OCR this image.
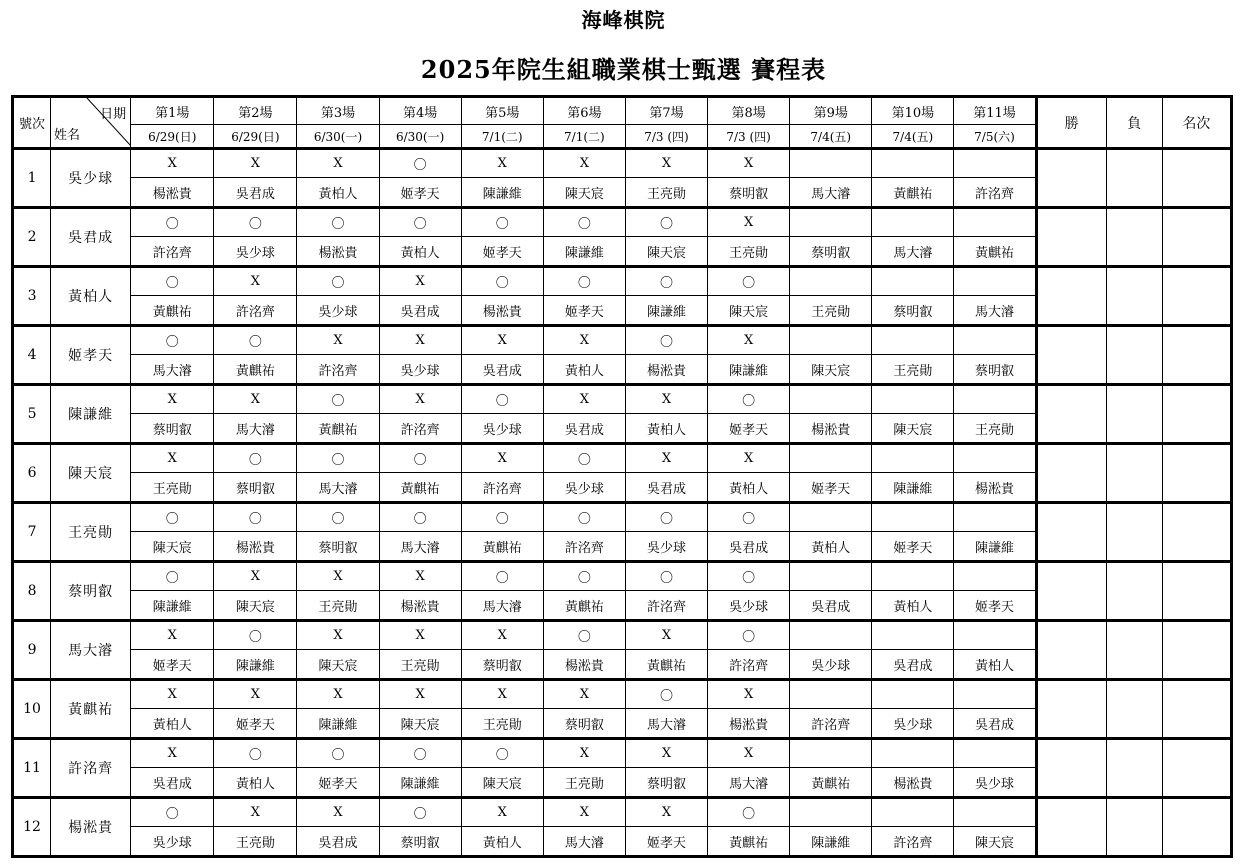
海峰棋院
2025年院生組職業棋士甄選 賽程表
號次	日期
姓名	第1場	第2場	第3場	第4場	第5場	第6場	第7場	第8場	第9場	第10場	第11場	勝	負	名次
		6/29(日)	6/29(日)	6/30(一)	6/30(一)	7/1(二)	7/1(二)	7/3 (四)	7/3 (四)	7/4(五)	7/4(五)	7/5(六)			
1	吳少球	X	X	X	〇	X	X	X	X						
		楊淞貴	吳君成	黃柏人	姬孝天	陳謙維	陳天宸	王亮勛	蔡明叡	馬大濬	黃麒祐	許洺齊			
2	吳君成	〇	〇	〇	〇	〇	〇	〇	X						
		許洺齊	吳少球	楊淞貴	黃柏人	姬孝天	陳謙維	陳天宸	王亮勛	蔡明叡	馬大濬	黃麒祐			
3	黃柏人	〇	X	〇	X	〇	〇	〇	〇						
		黃麒祐	許洺齊	吳少球	吳君成	楊淞貴	姬孝天	陳謙維	陳天宸	王亮勛	蔡明叡	馬大濬			
4	姬孝天	〇	〇	X	X	X	X	〇	X						
		馬大濬	黃麒祐	許洺齊	吳少球	吳君成	黃柏人	楊淞貴	陳謙維	陳天宸	王亮勛	蔡明叡			
5	陳謙維	X	X	〇	X	〇	X	X	〇						
		蔡明叡	馬大濬	黃麒祐	許洺齊	吳少球	吳君成	黃柏人	姬孝天	楊淞貴	陳天宸	王亮勛			
6	陳天宸	X	〇	〇	〇	X	〇	X	X						
		王亮勛	蔡明叡	馬大濬	黃麒祐	許洺齊	吳少球	吳君成	黃柏人	姬孝天	陳謙維	楊淞貴			
7	王亮勛	〇	〇	〇	〇	〇	〇	〇	〇						
		陳天宸	楊淞貴	蔡明叡	馬大濬	黃麒祐	許洺齊	吳少球	吳君成	黃柏人	姬孝天	陳謙維			
8	蔡明叡	〇	X	X	X	〇	〇	〇	〇						
		陳謙維	陳天宸	王亮勛	楊淞貴	馬大濬	黃麒祐	許洺齊	吳少球	吳君成	黃柏人	姬孝天			
9	馬大濬	X	〇	X	X	X	〇	X	〇						
		姬孝天	陳謙維	陳天宸	王亮勛	蔡明叡	楊淞貴	黃麒祐	許洺齊	吳少球	吳君成	黃柏人			
10	黃麒祐	X	X	X	X	X	X	〇	X						
		黃柏人	姬孝天	陳謙維	陳天宸	王亮勛	蔡明叡	馬大濬	楊淞貴	許洺齊	吳少球	吳君成			
11	許洺齊	X	〇	〇	〇	〇	X	X	X						
		吳君成	黃柏人	姬孝天	陳謙維	陳天宸	王亮勛	蔡明叡	馬大濬	黃麒祐	楊淞貴	吳少球			
12	楊淞貴	〇	X	X	〇	X	X	X	〇						
		吳少球	王亮勛	吳君成	蔡明叡	黃柏人	馬大濬	姬孝天	黃麒祐	陳謙維	許洺齊	陳天宸			
